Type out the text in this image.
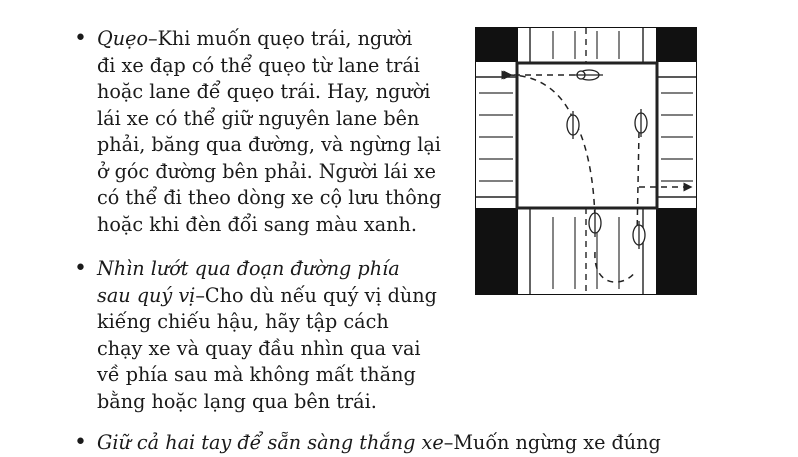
• Quẹo–Khi muốn quẹo trái, người
đi xe đạp có thể quẹo từ lane trái
hoặc lane để quẹo trái. Hay, người
lái xe có thể giữ nguyên lane bên
phải, băng qua đường, và ngừng lại
ở góc đường bên phải. Người lái xe
có thể đi theo dòng xe cộ lưu thông
hoặc khi đèn đổi sang màu xanh.
• Nhìn lướt qua đoạn đường phía
sau quý vị–Cho dù nếu quý vị dùng
kiếng chiếu hậu, hãy tập cách
chạy xe và quay đầu nhìn qua vai
về phía sau mà không mất thăng
bằng hoặc lạng qua bên trái.
• Giữ cả hai tay để sẵn sàng thắng xe–Muốn ngừng xe đúng
